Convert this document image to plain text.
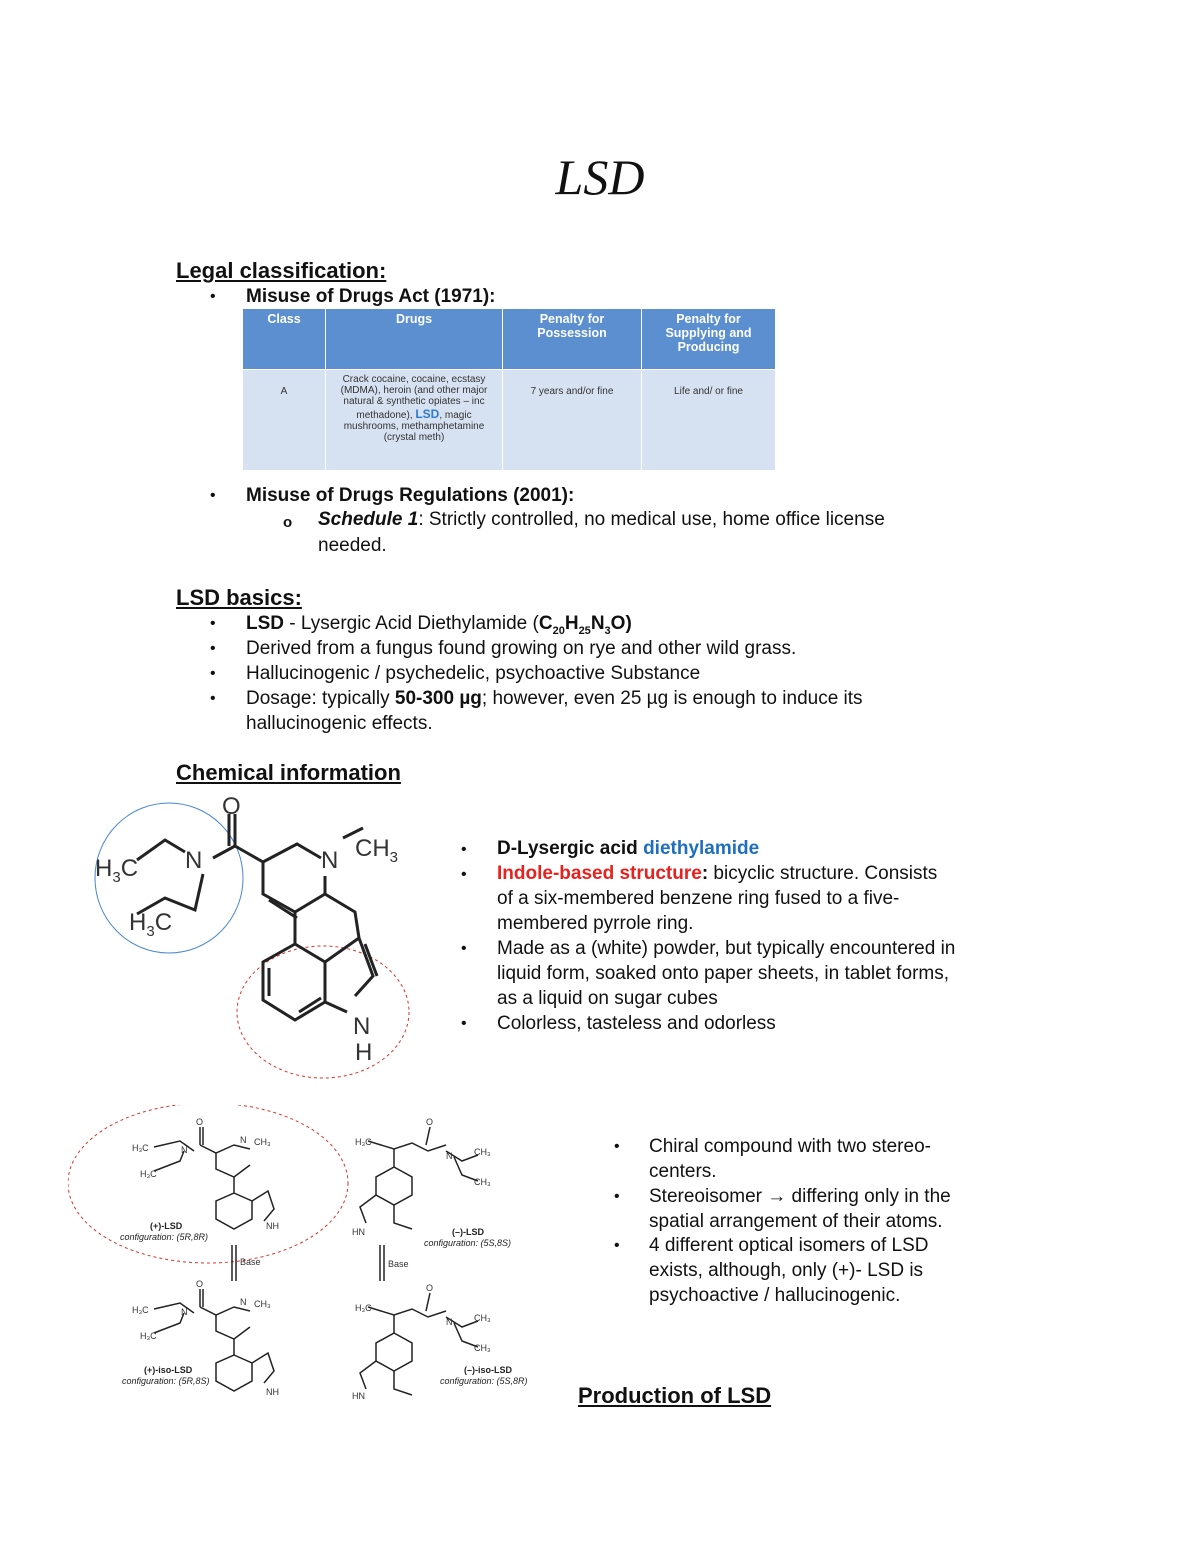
LSD
Legal classification:
• Misuse of Drugs Act (1971):
Class	Drugs	Penalty for Possession	Penalty for Supplying and Producing
A	Crack cocaine, cocaine, ecstasy (MDMA), heroin (and other major natural & synthetic opiates – inc methadone), LSD, magic mushrooms, methamphetamine (crystal meth)	7 years and/or fine	Life and/ or fine
• Misuse of Drugs Regulations (2001):
o Schedule 1: Strictly controlled, no medical use, home office license
needed.
LSD basics:
• LSD - Lysergic Acid Diethylamide $(C_{20}H_{25}N_3O)$
• Derived from a fungus found growing on rye and other wild grass.
• Hallucinogenic / psychedelic, psychoactive Substance
• Dosage: typically 50-300 µg; however, even 25 µg is enough to induce its
hallucinogenic effects.
Chemical information
O
N	N
$H_3C$
$H_3C$
$CH_3$
N
H
• D-Lysergic acid diethylamide
• Indole-based structure: bicyclic structure. Consists
of a six-membered benzene ring fused to a five-
membered pyrrole ring.
• Made as a (white) powder, but typically encountered in
liquid form, soaked onto paper sheets, in tablet forms,
as a liquid on sugar cubes
• Colorless, tasteless and odorless
H₃C
H₃C
N
O
N CH₃
NH
H₃C
CH₃
CH₃
N
O
HN
H₃C
H₃C
N
O
N CH₃
NH
H₃C
CH₃
CH₃
N
O
HN
Base	Base
(+)-LSD
configuration: (5R,8R)	(–)-LSD
configuration: (5S,8S)
(+)-iso-LSD
configuration: (5R,8S)
(–)-iso-LSD
configuration: (5S,8R)
• Chiral compound with two stereo-
centers.
• Stereoisomer → differing only in the
spatial arrangement of their atoms.
• 4 different optical isomers of LSD
exists, although, only (+)- LSD is
psychoactive / hallucinogenic.
Production of LSD
